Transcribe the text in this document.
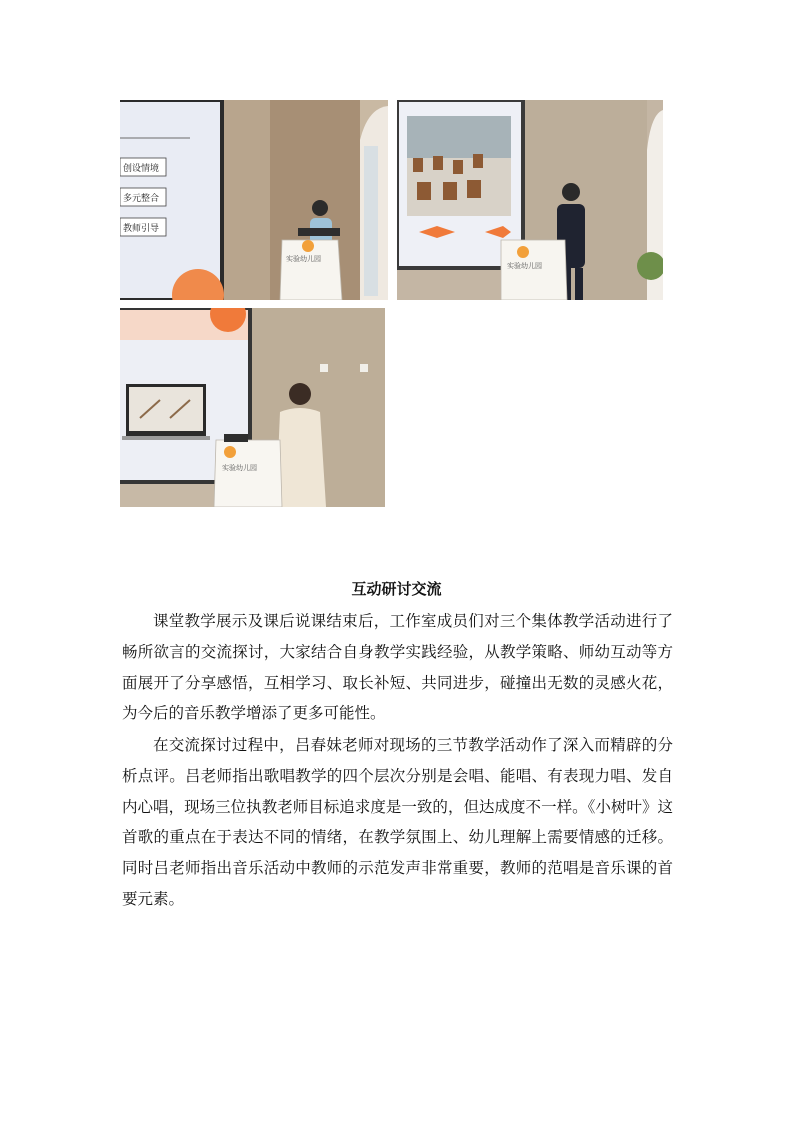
创设情境
多元整合
教师引导
实验幼儿园
实验幼儿园
实验幼儿园
互动研讨交流

课堂教学展示及课后说课结束后，工作室成员们对三个集体教学活动进行了畅所欲言的交流探讨，大家结合自身教学实践经验，从教学策略、师幼互动等方面展开了分享感悟，互相学习、取长补短、共同进步，碰撞出无数的灵感火花，为今后的音乐教学增添了更多可能性。

在交流探讨过程中，吕春妹老师对现场的三节教学活动作了深入而精辟的分析点评。吕老师指出歌唱教学的四个层次分别是会唱、能唱、有表现力唱、发自内心唱，现场三位执教老师目标追求度是一致的，但达成度不一样。《小树叶》这首歌的重点在于表达不同的情绪，在教学氛围上、幼儿理解上需要情感的迁移。同时吕老师指出音乐活动中教师的示范发声非常重要，教师的范唱是音乐课的首要元素。
